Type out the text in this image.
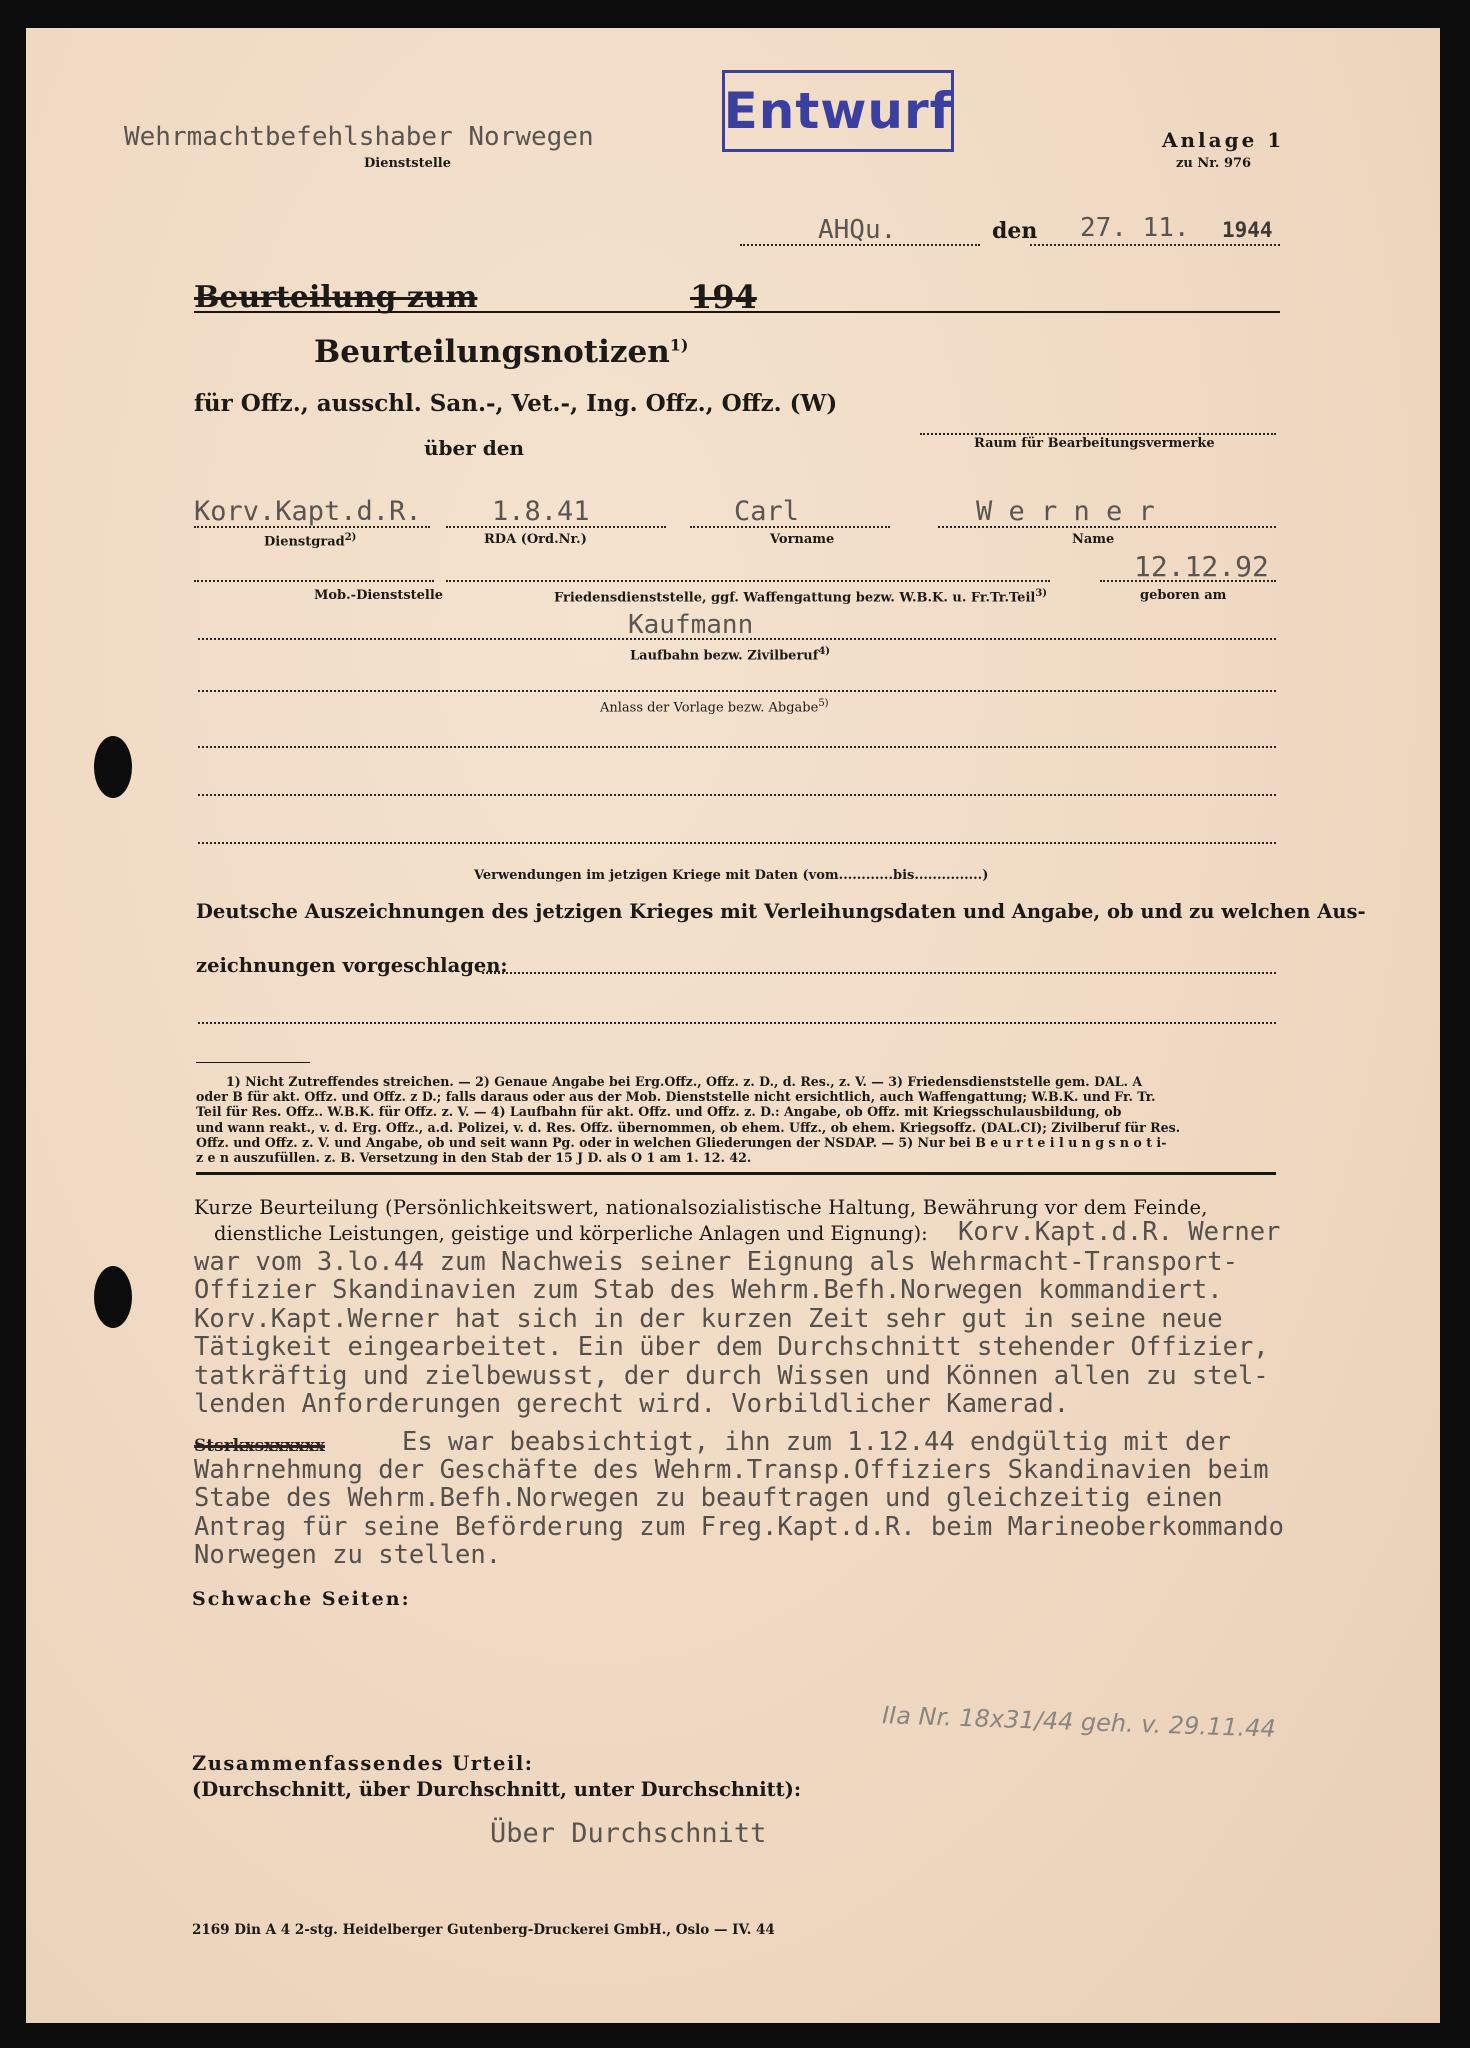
Wehrmachtbefehlshaber Norwegen
Dienststelle
Entwurf	Anlage 1
zu Nr. 976
AHQu.	den 27. 11. 1944
Beurteilung zum	194
Beurteilungsnotizen$^{1)}$
für Offz., ausschl. San.-, Vet.-, Ing. Offz., Offz. (W)
über den	Raum für Bearbeitungsvermerke
Korv.Kapt.d.R.
Dienstgrad$^{2)}$
1.8.41
RDA (Ord.Nr.)
Carl
Vorname
W e r n e r
Name
Mob.-Dienststelle	Friedensdienststelle, ggf. Waffengattung bezw. W.B.K. u. Fr.Tr.Teil$^{3)}$
12.12.92
geboren am
Kaufmann
Laufbahn bezw. Zivilberuf$^{4)}$
Anlass der Vorlage bezw. Abgabe$^{5)}$
Verwendungen im jetzigen Kriege mit Daten (vom............bis...............)
Deutsche Auszeichnungen des jetzigen Krieges mit Verleihungsdaten und Angabe, ob und zu welchen Aus-
zeichnungen vorgeschlagen:
1) Nicht Zutreffendes streichen. — 2) Genaue Angabe bei Erg.Offz., Offz. z. D., d. Res., z. V. — 3) Friedensdienststelle gem. DAL. A
oder B für akt. Offz. und Offz. z D.; falls daraus oder aus der Mob. Dienststelle nicht ersichtlich, auch Waffengattung; W.B.K. und Fr. Tr.
Teil für Res. Offz.. W.B.K. für Offz. z. V. — 4) Laufbahn für akt. Offz. und Offz. z. D.: Angabe, ob Offz. mit Kriegsschulausbildung, ob
und wann reakt., v. d. Erg. Offz., a.d. Polizei, v. d. Res. Offz. übernommen, ob ehem. Uffz., ob ehem. Kriegsoffz. (DAL.CI); Zivilberuf für Res.
Offz. und Offz. z. V. und Angabe, ob und seit wann Pg. oder in welchen Gliederungen der NSDAP. — 5) Nur bei B e u r t e i l u n g s n o t i-
z e n auszufüllen. z. B. Versetzung in den Stab der 15 J D. als O 1 am 1. 12. 42.
Kurze Beurteilung (Persönlichkeitswert, nationalsozialistische Haltung, Bewährung vor dem Feinde,
dienstliche Leistungen, geistige und körperliche Anlagen und Eignung): Korv.Kapt.d.R. Werner
war vom 3.lo.44 zum Nachweis seiner Eignung als Wehrmacht-Transport-
Offizier Skandinavien zum Stab des Wehrm.Befh.Norwegen kommandiert.
Korv.Kapt.Werner hat sich in der kurzen Zeit sehr gut in seine neue
Tätigkeit eingearbeitet. Ein über dem Durchschnitt stehender Offizier,
tatkräftig und zielbewusst, der durch Wissen und Können allen zu stel-
lenden Anforderungen gerecht wird. Vorbildlicher Kamerad.
Stsrkxsxxxxxx	Es war beabsichtigt, ihn zum 1.12.44 endgültig mit der
Wahrnehmung der Geschäfte des Wehrm.Transp.Offiziers Skandinavien beim
Stabe des Wehrm.Befh.Norwegen zu beauftragen und gleichzeitig einen
Antrag für seine Beförderung zum Freg.Kapt.d.R. beim Marineoberkommando
Norwegen zu stellen.
Schwache Seiten:
IIa Nr. 18x31/44 geh. v. 29.11.44
Zusammenfassendes Urteil:
(Durchschnitt, über Durchschnitt, unter Durchschnitt):
Über Durchschnitt
2169 Din A 4 2-stg. Heidelberger Gutenberg-Druckerei GmbH., Oslo — IV. 44
